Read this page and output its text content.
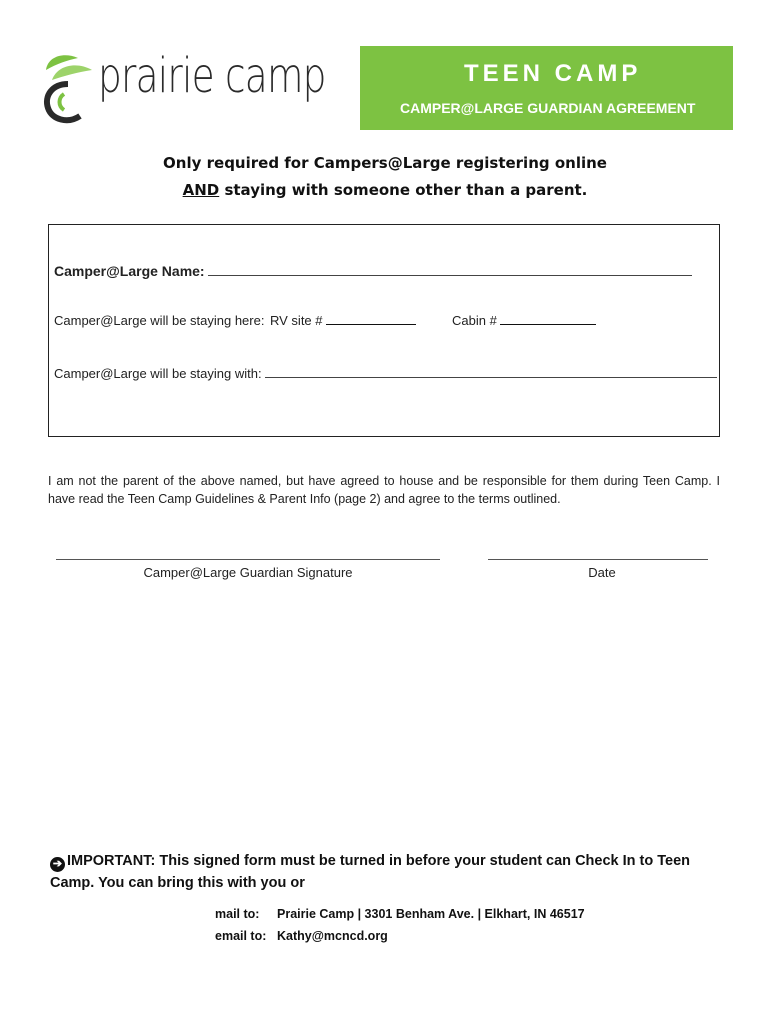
prairie camp	TEEN CAMP
CAMPER@LARGE GUARDIAN AGREEMENT
Only required for Campers@Large registering online
AND staying with someone other than a parent.
Camper@Large Name:
Camper@Large will be staying here: RV site #	Cabin #
Camper@Large will be staying with:
I am not the parent of the above named, but have agreed to house and be responsible for them during Teen Camp. I have read the Teen Camp Guidelines & Parent Info (page 2) and agree to the terms outlined.
Camper@Large Guardian Signature	Date
➔ IMPORTANT: This signed form must be turned in before your student can Check In to Teen Camp. You can bring this with you or
mail to: Prairie Camp | 3301 Benham Ave. | Elkhart, IN 46517
email to: Kathy@mcncd.org
